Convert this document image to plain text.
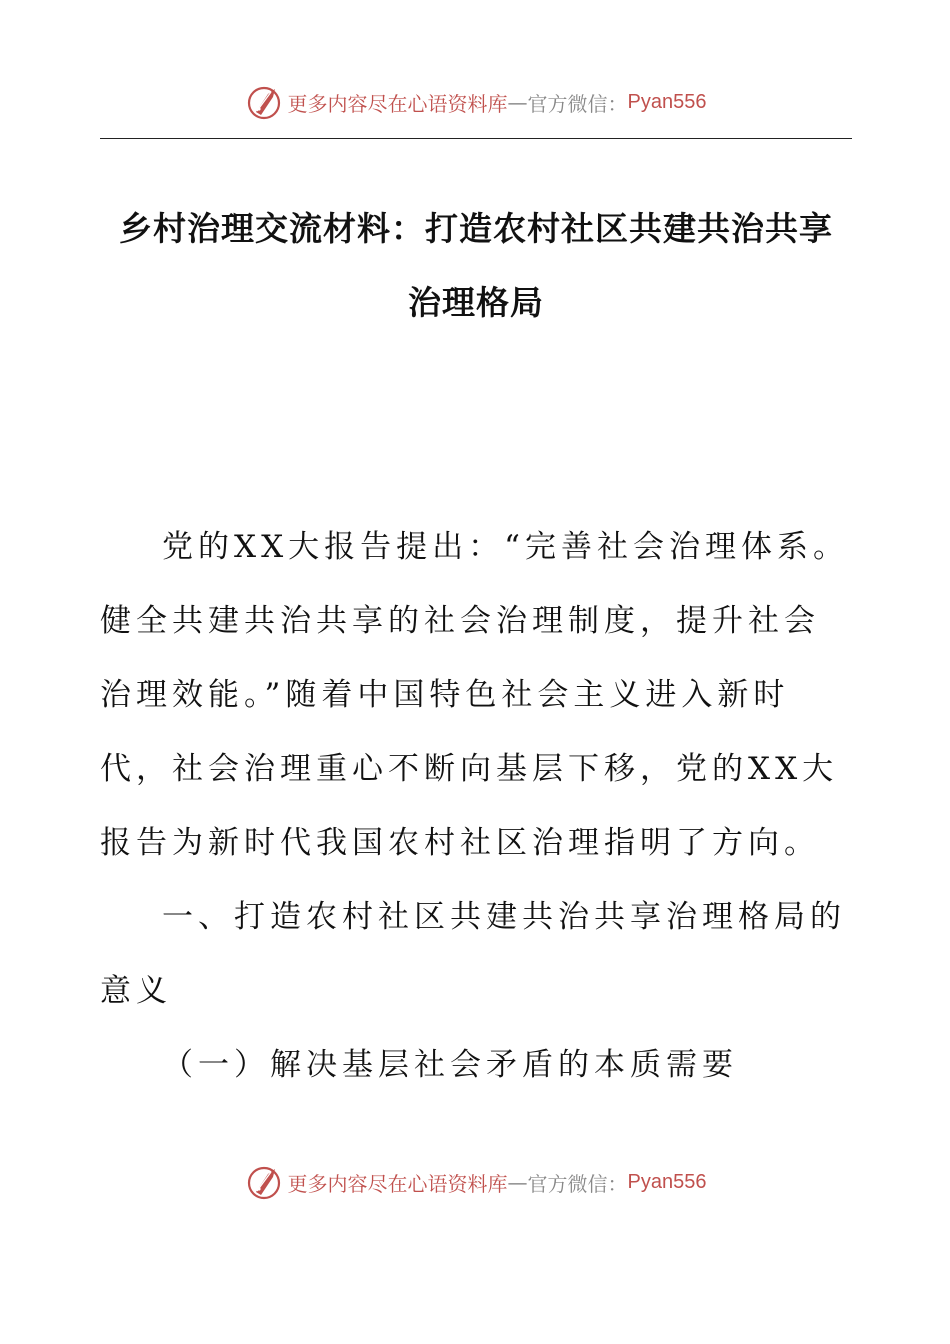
更多内容尽在心语资料库 — 官方微信： Pyan556
乡村治理交流材料：打造农村社区共建共治共享
治理格局

党的XX大报告提出：“完善社会治理体系。健全共建共治共享的社会治理制度，提升社会治理效能。”随着中国特色社会主义进入新时代，社会治理重心不断向基层下移，党的XX大报告为新时代我国农村社区治理指明了方向。

一、打造农村社区共建共治共享治理格局的意义

（一）解决基层社会矛盾的本质需要

更多内容尽在心语资料库 — 官方微信： Pyan556
